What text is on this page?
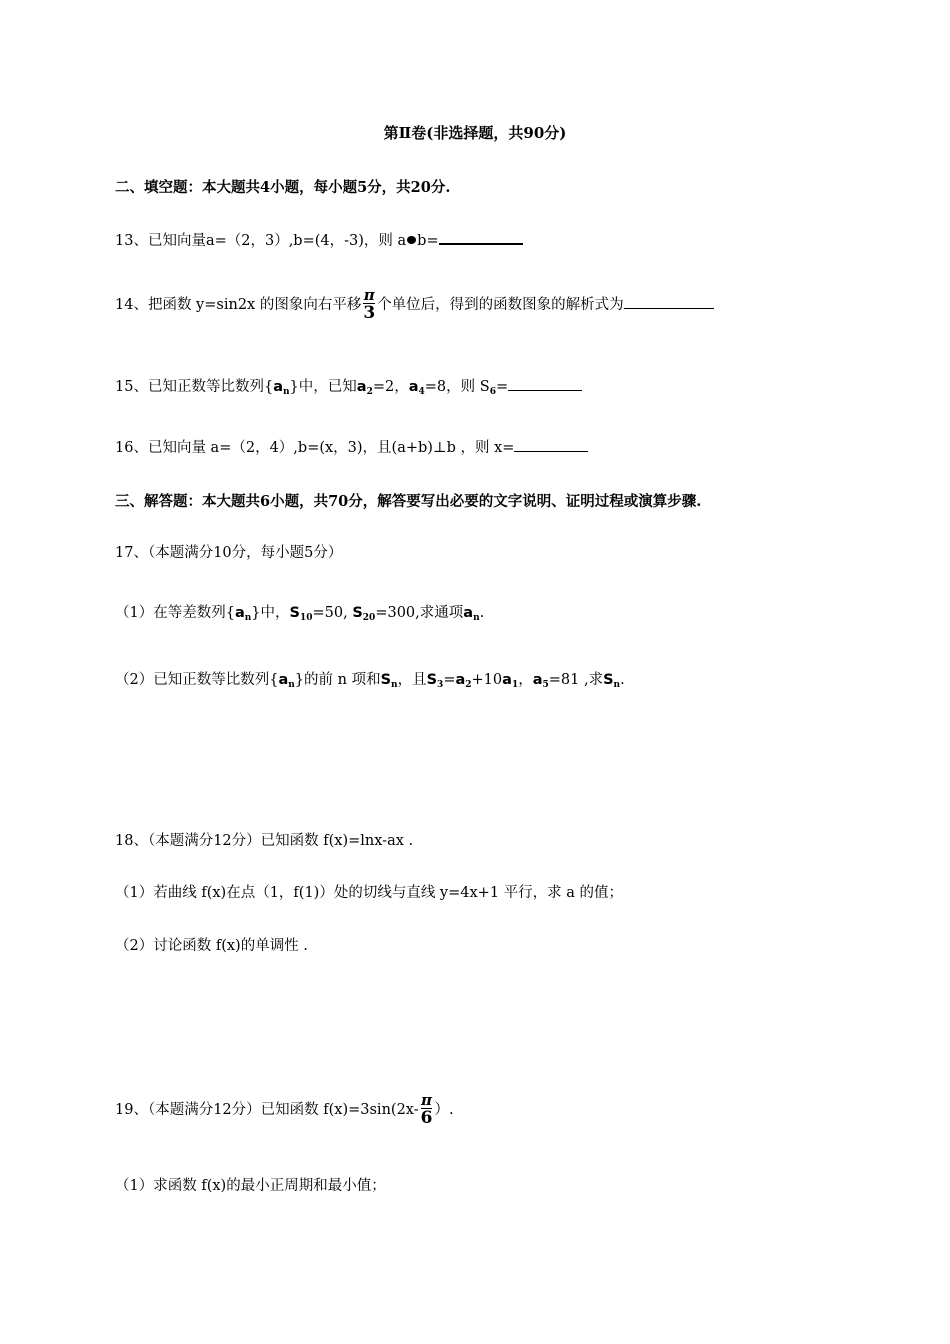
第Ⅱ卷(非选择题，共90分)
二、填空题：本大题共4小题，每小题5分，共20分.
13、已知向量a=（2，3）,b=(4，-3)，则 a b=
14、把函数 y=sin2x 的图象向右平移 $\frac{\pi}{3}$ 个单位后，得到的函数图象的解析式为
15、已知正数等比数列$\{a_n\}$中，已知$a_2=2$，$a_4=8$，则 $S_6=$
16、已知向量 a=（2，4）,b=(x，3)，且(a+b)⊥b ，则 x=
三、解答题：本大题共6小题，共70分，解答要写出必要的文字说明、证明过程或演算步骤.
17、（本题满分10分，每小题5分）
（1）在等差数列$\{a_n\}$中，$S_{10}=50$, $S_{20}=300$,求通项$a_n$.
（2）已知正数等比数列$\{a_n\}$的前 n 项和$S_n$，且$S_3=a_2+10a_1$，$a_5=81$ ,求$S_n$.
18、（本题满分12分）已知函数 f(x)=lnx-ax .
（1）若曲线 f(x)在点（1，f(1)）处的切线与直线 y=4x+1 平行，求 a 的值；
（2）讨论函数 f(x)的单调性 .
19、（本题满分12分）已知函数 $f(x)=3\sin(2x- \frac{\pi}{6}$ ）.
（1）求函数 f(x)的最小正周期和最小值；
